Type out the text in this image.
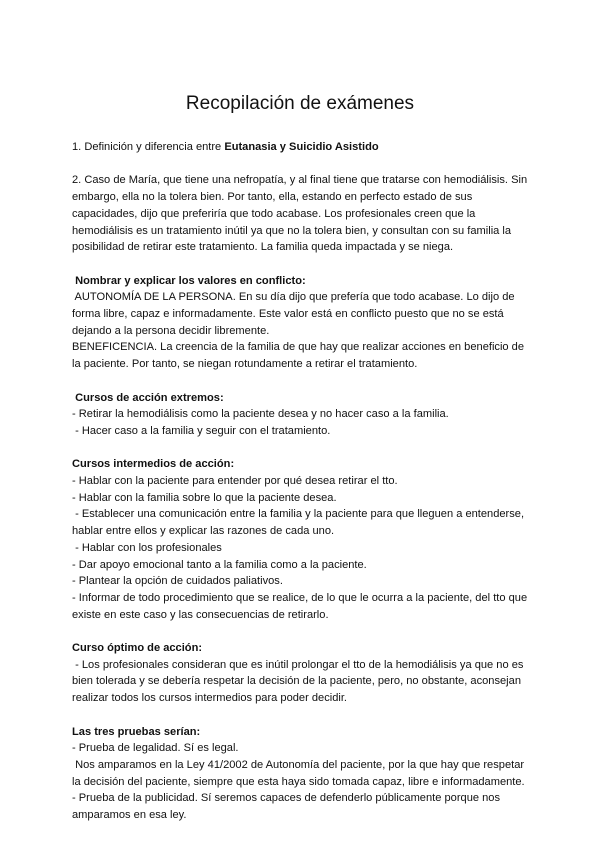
Recopilación de exámenes

1. Definición y diferencia entre Eutanasia y Suicidio Asistido

2. Caso de María, que tiene una nefropatía, y al final tiene que tratarse con hemodiálisis. Sin

embargo, ella no la tolera bien. Por tanto, ella, estando en perfecto estado de sus

capacidades, dijo que preferiría que todo acabase. Los profesionales creen que la

hemodiálisis es un tratamiento inútil ya que no la tolera bien, y consultan con su familia la

posibilidad de retirar este tratamiento. La familia queda impactada y se niega.

Nombrar y explicar los valores en conflicto:

AUTONOMÍA DE LA PERSONA. En su día dijo que prefería que todo acabase. Lo dijo de

forma libre, capaz e informadamente. Este valor está en conflicto puesto que no se está

dejando a la persona decidir libremente.

BENEFICENCIA. La creencia de la familia de que hay que realizar acciones en beneficio de

la paciente. Por tanto, se niegan rotundamente a retirar el tratamiento.

Cursos de acción extremos:

- Retirar la hemodiálisis como la paciente desea y no hacer caso a la familia.

- Hacer caso a la familia y seguir con el tratamiento.

Cursos intermedios de acción:

- Hablar con la paciente para entender por qué desea retirar el tto.

- Hablar con la familia sobre lo que la paciente desea.

- Establecer una comunicación entre la familia y la paciente para que lleguen a entenderse,

hablar entre ellos y explicar las razones de cada uno.

- Hablar con los profesionales

- Dar apoyo emocional tanto a la familia como a la paciente.

- Plantear la opción de cuidados paliativos.

- Informar de todo procedimiento que se realice, de lo que le ocurra a la paciente, del tto que

existe en este caso y las consecuencias de retirarlo.

Curso óptimo de acción:

- Los profesionales consideran que es inútil prolongar el tto de la hemodiálisis ya que no es

bien tolerada y se debería respetar la decisión de la paciente, pero, no obstante, aconsejan

realizar todos los cursos intermedios para poder decidir.

Las tres pruebas serían:

- Prueba de legalidad. Sí es legal.

Nos amparamos en la Ley 41/2002 de Autonomía del paciente, por la que hay que respetar

la decisión del paciente, siempre que esta haya sido tomada capaz, libre e informadamente.

- Prueba de la publicidad. Sí seremos capaces de defenderlo públicamente porque nos

amparamos en esa ley.
